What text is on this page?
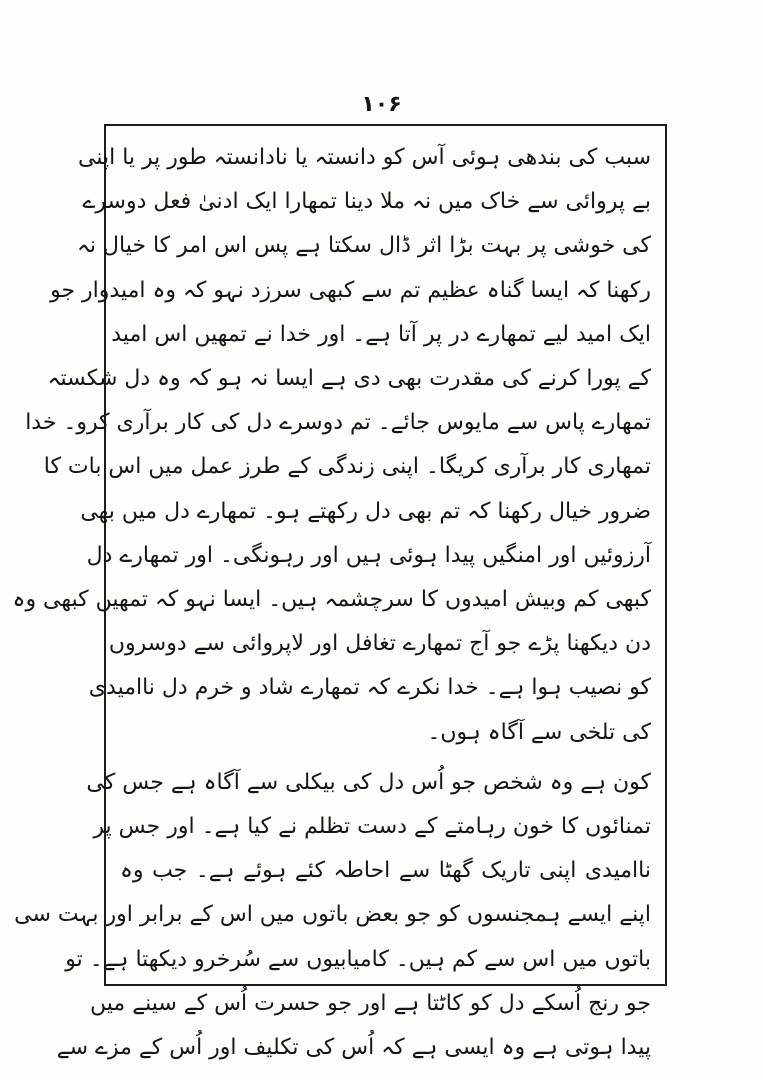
۱۰۶
سبب کی بندھی ہوئی آس کو دانستہ یا نادانستہ طور پر یا اپنی
بے پروائی سے خاک میں نہ ملا دینا تمھارا ایک ادنیٰ فعل دوسرے
کی خوشی پر بہت بڑا اثر ڈال سکتا ہے پس اس امر کا خیال نہ
رکھنا کہ ایسا گناہ عظیم تم سے کبھی سرزد نہو کہ وہ امیدوار جو
ایک امید لیے تمھارے در پر آتا ہے۔ اور خدا نے تمھیں اس امید
کے پورا کرنے کی مقدرت بھی دی ہے ایسا نہ ہو کہ وہ دل شکستہ
تمھارے پاس سے مایوس جائے۔ تم دوسرے دل کی کار برآری کرو۔ خدا
تمھاری کار برآری کریگا۔ اپنی زندگی کے طرز عمل میں اس بات کا
ضرور خیال رکھنا کہ تم بھی دل رکھتے ہو۔ تمھارے دل میں بھی
آرزوئیں اور امنگیں پیدا ہوئی ہیں اور رہونگی۔ اور تمھارے دل
کبھی کم وبیش امیدوں کا سرچشمہ ہیں۔ ایسا نہو کہ تمھیں کبھی وہ
دن دیکھنا پڑے جو آج تمھارے تغافل اور لاپروائی سے دوسروں
کو نصیب ہوا ہے۔ خدا نکرے کہ تمھارے شاد و خرم دل ناامیدی
کی تلخی سے آگاہ ہوں۔
کون ہے وہ شخص جو اُس دل کی بیکلی سے آگاہ ہے جس کی
تمنائوں کا خون رہامتے کے دست تظلم نے کیا ہے۔ اور جس پر
ناامیدی اپنی تاریک گھٹا سے احاطہ کئے ہوئے ہے۔ جب وہ
اپنے ایسے ہمجنسوں کو جو بعض باتوں میں اس کے برابر اور بہت سی
باتوں میں اس سے کم ہیں۔ کامیابیوں سے سُرخرو دیکھتا ہے۔ تو
جو رنج اُسکے دل کو کاٹتا ہے اور جو حسرت اُس کے سینے میں
پیدا ہوتی ہے وہ ایسی ہے کہ اُس کی تکلیف اور اُس کے مزے سے
